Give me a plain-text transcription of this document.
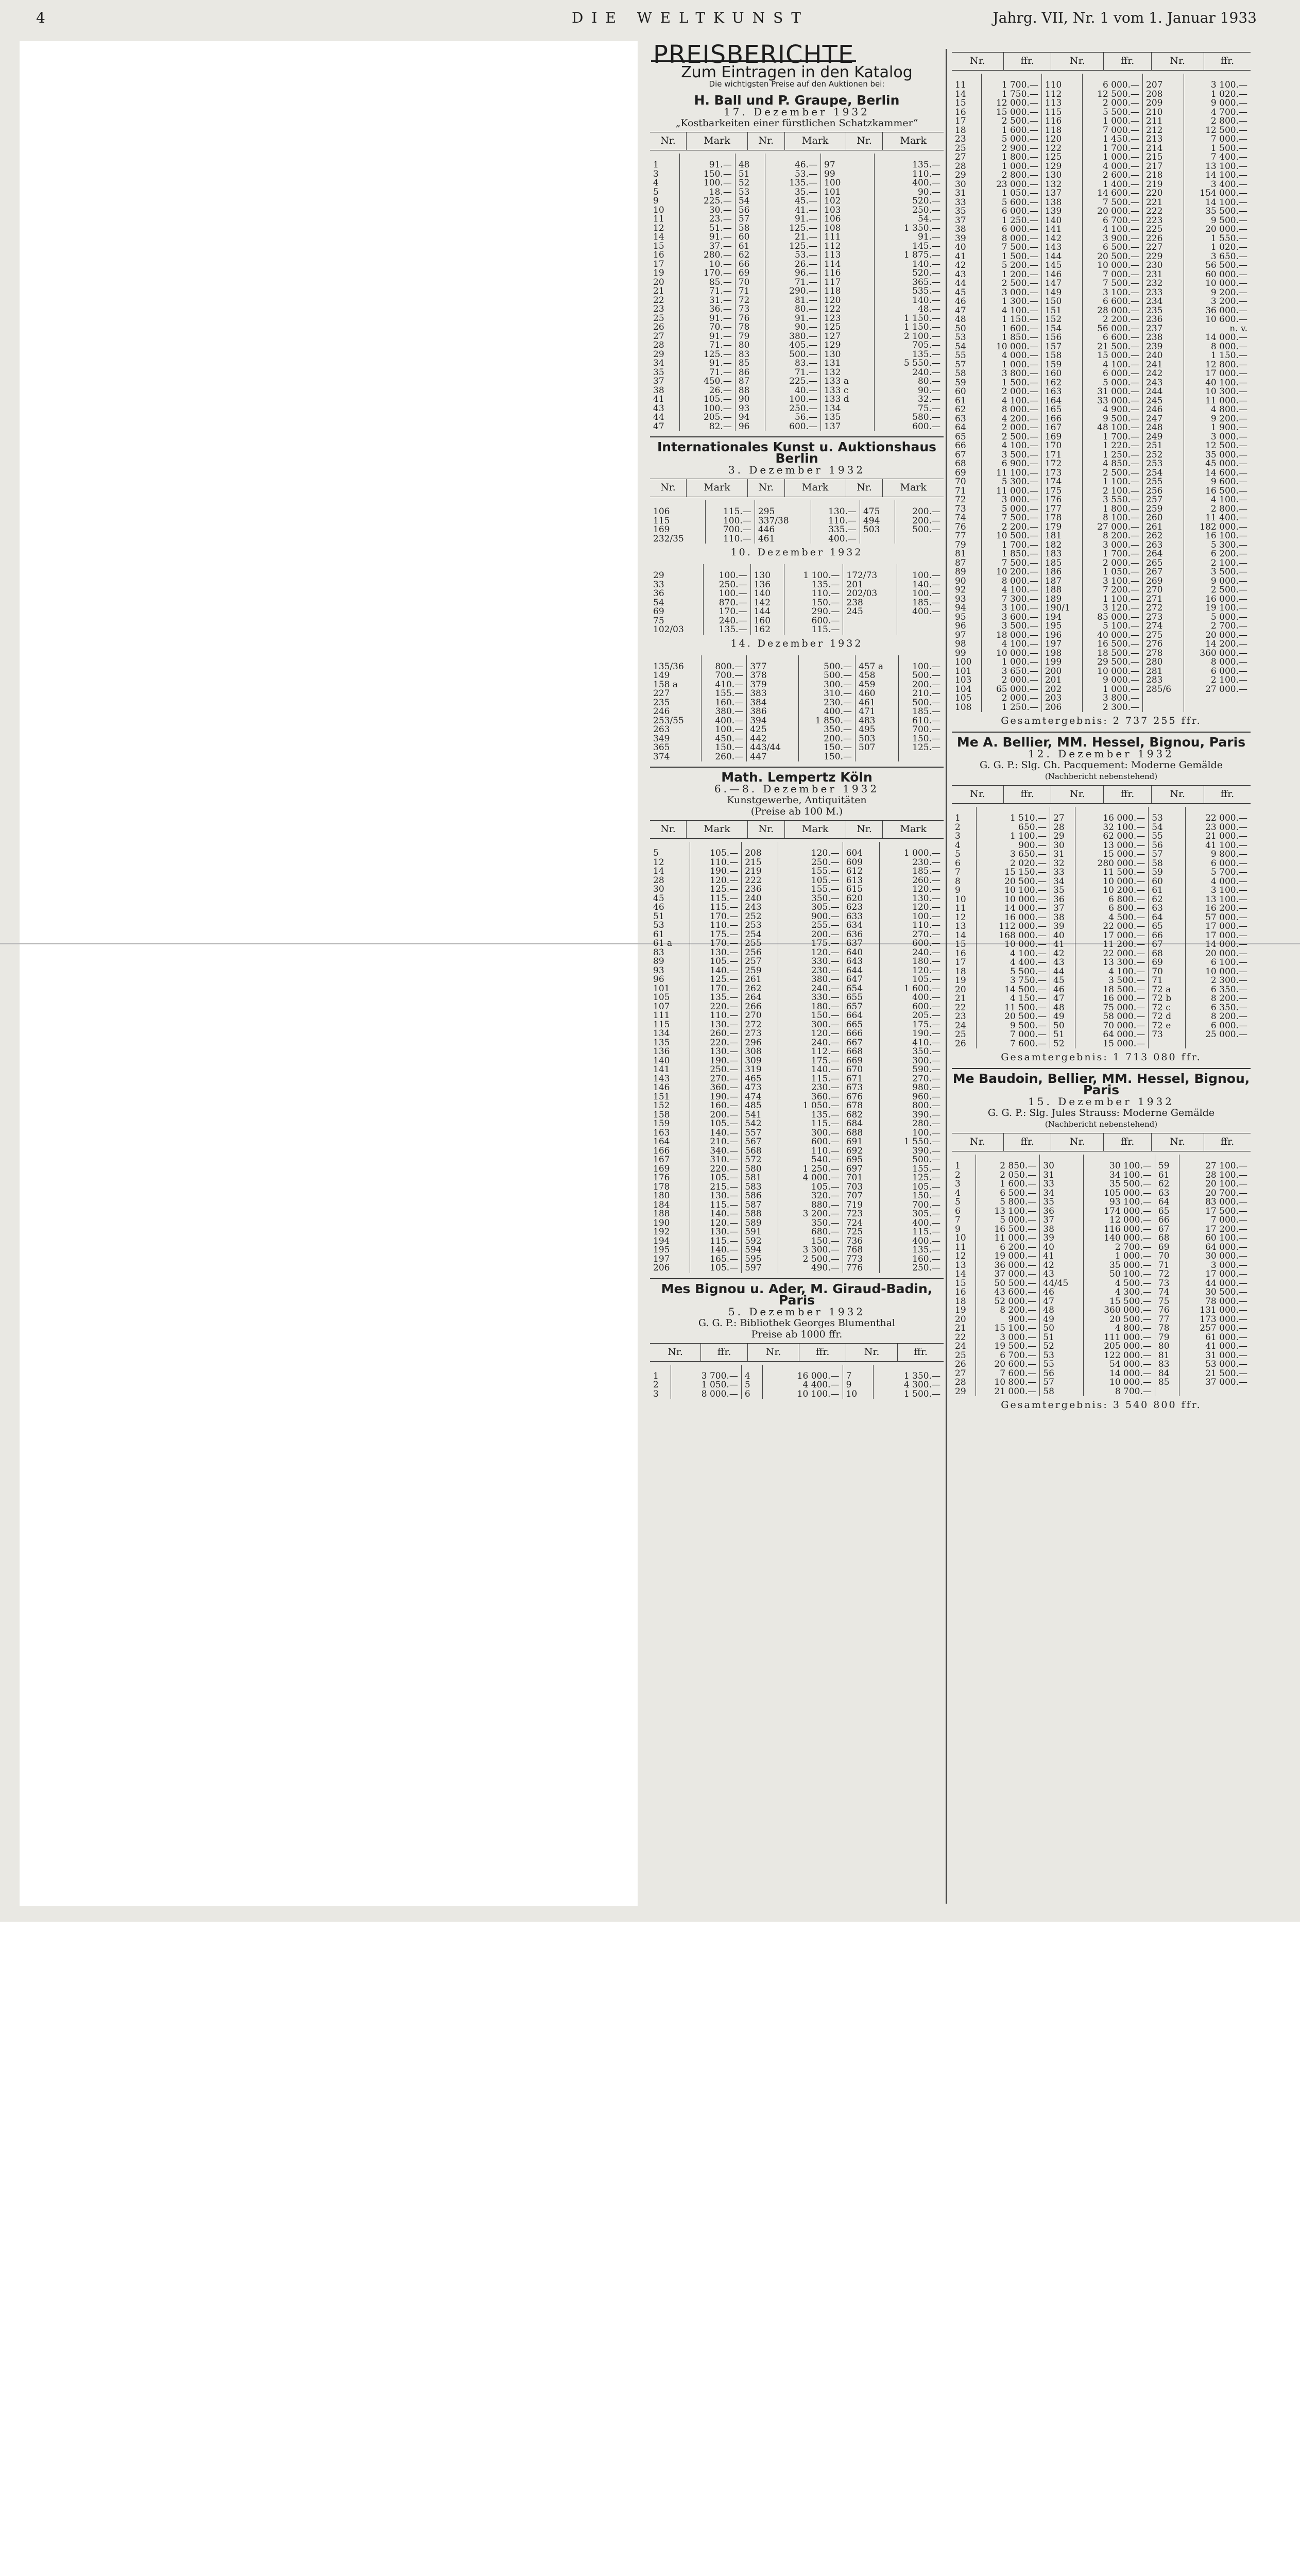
4	DIE WELTKUNST	Jahrg. VII, Nr. 1 vom 1. Januar 1933
PREISBERICHTE
Zum Eintragen in den Katalog
Die wichtigsten Preise auf den Auktionen bei:
H. Ball und P. Graupe, Berlin
17. Dezember 1932
„Kostbarkeiten einer fürstlichen Schatzkammer“
Nr.	Mark	Nr.	Mark	Nr.	Mark
1	91.—	48	46.—	97	135.—
3	150.—	51	53.—	99	110.—
4	100.—	52	135.—	100	400.—
5	18.—	53	35.—	101	90.—
9	225.—	54	45.—	102	520.—
10	30.—	56	41.—	103	250.—
11	23.—	57	91.—	106	54.—
12	51.—	58	125.—	108	1 350.—
14	91.—	60	21.—	111	91.—
15	37.—	61	125.—	112	145.—
16	280.—	62	53.—	113	1 875.—
17	10.—	66	26.—	114	140.—
19	170.—	69	96.—	116	520.—
20	85.—	70	71.—	117	365.—
21	71.—	71	290.—	118	535.—
22	31.—	72	81.—	120	140.—
23	36.—	73	80.—	122	48.—
25	91.—	76	91.—	123	1 150.—
26	70.—	78	90.—	125	1 150.—
27	91.—	79	380.—	127	2 100.—
28	71.—	80	405.—	129	705.—
29	125.—	83	500.—	130	135.—
34	91.—	85	83.—	131	5 550.—
35	71.—	86	71.—	132	240.—
37	450.—	87	225.—	133 a	80.—
38	26.—	88	40.—	133 c	90.—
41	105.—	90	100.—	133 d	32.—
43	100.—	93	250.—	134	75.—
44	205.—	94	56.—	135	580.—
47	82.—	96	600.—	137	600.—
Internationales Kunst u. Auktionshaus Berlin
3. Dezember 1932
Nr.	Mark	Nr.	Mark	Nr.	Mark
106	115.—	295	130.—	475	200.—
115	100.—	337/38	110.—	494	200.—
169	700.—	446	335.—	503	500.—
232/35	110.—	461	400.—		
10. Dezember 1932
29	100.—	130	1 100.—	172/73	100.—
33	250.—	136	135.—	201	140.—
36	100.—	140	110.—	202/03	100.—
54	870.—	142	150.—	238	185.—
69	170.—	144	290.—	245	400.—
75	240.—	160	600.—		
102/03	135.—	162	115.—		
14. Dezember 1932
135/36	800.—	377	500.—	457 a	100.—
149	700.—	378	500.—	458	500.—
158 a	410.—	379	300.—	459	200.—
227	155.—	383	310.—	460	210.—
235	160.—	384	230.—	461	500.—
246	380.—	386	400.—	471	185.—
253/55	400.—	394	1 850.—	483	610.—
263	100.—	425	350.—	495	700.—
349	450.—	442	200.—	503	150.—
365	150.—	443/44	150.—	507	125.—
374	260.—	447	150.—		
Math. Lempertz Köln
6.—8. Dezember 1932
Kunstgewerbe, Antiquitäten
(Preise ab 100 M.)
Nr.	Mark	Nr.	Mark	Nr.	Mark
5	105.—	208	120.—	604	1 000.—
12	110.—	215	250.—	609	230.—
14	190.—	219	155.—	612	185.—
28	120.—	222	105.—	613	260.—
30	125.—	236	155.—	615	120.—
45	115.—	240	350.—	620	130.—
46	115.—	243	305.—	623	120.—
51	170.—	252	900.—	633	100.—
53	110.—	253	255.—	634	110.—
61	175.—	254	200.—	636	270.—
61 a	170.—	255	175.—	637	600.—
83	130.—	256	120.—	640	240.—
89	105.—	257	330.—	643	180.—
93	140.—	259	230.—	644	120.—
96	125.—	261	380.—	647	105.—
101	170.—	262	240.—	654	1 600.—
105	135.—	264	330.—	655	400.—
107	220.—	266	180.—	657	600.—
111	110.—	270	150.—	664	205.—
115	130.—	272	300.—	665	175.—
134	260.—	273	120.—	666	190.—
135	220.—	296	240.—	667	410.—
136	130.—	308	112.—	668	350.—
140	190.—	309	175.—	669	300.—
141	250.—	319	140.—	670	590.—
143	270.—	465	115.—	671	270.—
146	360.—	473	230.—	673	980.—
151	190.—	474	360.—	676	960.—
152	160.—	485	1 050.—	678	800.—
158	200.—	541	135.—	682	390.—
159	105.—	542	115.—	684	280.—
163	140.—	557	300.—	688	100.—
164	210.—	567	600.—	691	1 550.—
166	340.—	568	110.—	692	390.—
167	310.—	572	540.—	695	500.—
169	220.—	580	1 250.—	697	155.—
176	105.—	581	4 000.—	701	125.—
178	215.—	583	105.—	703	105.—
180	130.—	586	320.—	707	150.—
184	115.—	587	880.—	719	700.—
188	140.—	588	3 200.—	723	305.—
190	120.—	589	350.—	724	400.—
192	130.—	591	680.—	725	115.—
194	115.—	592	150.—	736	400.—
195	140.—	594	3 300.—	768	135.—
197	165.—	595	2 500.—	773	160.—
206	105.—	597	490.—	776	250.—
Mes Bignou u. Ader, M. Giraud-Badin, Paris
5. Dezember 1932
G. G. P.: Bibliothek Georges Blumenthal
Preise ab 1000 ffr.
Nr.	ffr.	Nr.	ffr.	Nr.	ffr.
1	3 700.—	4	16 000.—	7	1 350.—
2	1 050.—	5	4 400.—	9	4 300.—
3	8 000.—	6	10 100.—	10	1 500.—
Nr.	ffr.	Nr.	ffr.	Nr.	ffr.
11	1 700.—	110	6 000.—	207	3 100.—
14	1 750.—	112	12 500.—	208	1 020.—
15	12 000.—	113	2 000.—	209	9 000.—
16	15 000.—	115	5 500.—	210	4 700.—
17	2 500.—	116	1 000.—	211	2 800.—
18	1 600.—	118	7 000.—	212	12 500.—
23	5 000.—	120	1 450.—	213	7 000.—
25	2 900.—	122	1 700.—	214	1 500.—
27	1 800.—	125	1 000.—	215	7 400.—
28	1 000.—	129	4 000.—	217	13 100.—
29	2 800.—	130	2 600.—	218	14 100.—
30	23 000.—	132	1 400.—	219	3 400.—
31	1 050.—	137	14 600.—	220	154 000.—
33	5 600.—	138	7 500.—	221	14 100.—
35	6 000.—	139	20 000.—	222	35 500.—
37	1 250.—	140	6 700.—	223	9 500.—
38	6 000.—	141	4 100.—	225	20 000.—
39	8 000.—	142	3 900.—	226	1 550.—
40	7 500.—	143	6 500.—	227	1 020.—
41	1 500.—	144	20 500.—	229	3 650.—
42	5 200.—	145	10 000.—	230	56 500.—
43	1 200.—	146	7 000.—	231	60 000.—
44	2 500.—	147	7 500.—	232	10 000.—
45	3 000.—	149	3 100.—	233	9 200.—
46	1 300.—	150	6 600.—	234	3 200.—
47	4 100.—	151	28 000.—	235	36 000.—
48	1 150.—	152	2 200.—	236	10 600.—
50	1 600.—	154	56 000.—	237	n. v.
53	1 850.—	156	6 600.—	238	14 000.—
54	10 000.—	157	21 500.—	239	8 000.—
55	4 000.—	158	15 000.—	240	1 150.—
57	1 000.—	159	4 100.—	241	12 800.—
58	3 800.—	160	6 000.—	242	17 000.—
59	1 500.—	162	5 000.—	243	40 100.—
60	2 000.—	163	31 000.—	244	10 300.—
61	4 100.—	164	33 000.—	245	11 000.—
62	8 000.—	165	4 900.—	246	4 800.—
63	4 200.—	166	9 500.—	247	9 200.—
64	2 000.—	167	48 100.—	248	1 900.—
65	2 500.—	169	1 700.—	249	3 000.—
66	4 100.—	170	1 220.—	251	12 500.—
67	3 500.—	171	1 250.—	252	35 000.—
68	6 900.—	172	4 850.—	253	45 000.—
69	11 100.—	173	2 500.—	254	14 600.—
70	5 300.—	174	1 100.—	255	9 600.—
71	11 000.—	175	2 100.—	256	16 500.—
72	3 000.—	176	3 550.—	257	4 100.—
73	5 000.—	177	1 800.—	259	2 800.—
74	7 500.—	178	8 100.—	260	11 400.—
76	2 200.—	179	27 000.—	261	182 000.—
77	10 500.—	181	8 200.—	262	16 100.—
79	1 700.—	182	3 000.—	263	5 300.—
81	1 850.—	183	1 700.—	264	6 200.—
87	7 500.—	185	2 000.—	265	2 100.—
89	10 200.—	186	1 050.—	267	3 500.—
90	8 000.—	187	3 100.—	269	9 000.—
92	4 100.—	188	7 200.—	270	2 500.—
93	7 300.—	189	1 100.—	271	16 000.—
94	3 100.—	190/1	3 120.—	272	19 100.—
95	3 600.—	194	85 000.—	273	5 000.—
96	3 500.—	195	5 100.—	274	2 700.—
97	18 000.—	196	40 000.—	275	20 000.—
98	4 100.—	197	16 500.—	276	14 200.—
99	10 000.—	198	18 500.—	278	360 000.—
100	1 000.—	199	29 500.—	280	8 000.—
101	3 650.—	200	10 000.—	281	6 000.—
103	2 000.—	201	9 000.—	283	2 100.—
104	65 000.—	202	1 000.—	285/6	27 000.—
105	2 000.—	203	3 800.—		
108	1 250.—	206	2 300.—		
Gesamtergebnis: 2 737 255 ffr.
Me A. Bellier, MM. Hessel, Bignou, Paris
12. Dezember 1932
G. G. P.: Slg. Ch. Pacquement: Moderne Gemälde
(Nachbericht nebenstehend)
Nr.	ffr.	Nr.	ffr.	Nr.	ffr.
1	1 510.—	27	16 000.—	53	22 000.—
2	650.—	28	32 100.—	54	23 000.—
3	1 100.—	29	62 000.—	55	21 000.—
4	900.—	30	13 000.—	56	41 100.—
5	3 650.—	31	15 000.—	57	9 800.—
6	2 020.—	32	280 000.—	58	6 000.—
7	15 150.—	33	11 500.—	59	5 700.—
8	20 500.—	34	10 000.—	60	4 000.—
9	10 100.—	35	10 200.—	61	3 100.—
10	10 000.—	36	6 800.—	62	13 100.—
11	14 000.—	37	6 800.—	63	16 200.—
12	16 000.—	38	4 500.—	64	57 000.—
13	112 000.—	39	22 000.—	65	17 000.—
14	168 000.—	40	17 000.—	66	17 000.—
15	10 000.—	41	11 200.—	67	14 000.—
16	4 100.—	42	22 000.—	68	20 000.—
17	4 400.—	43	13 300.—	69	6 100.—
18	5 500.—	44	4 100.—	70	10 000.—
19	3 750.—	45	3 500.—	71	2 300.—
20	14 500.—	46	18 500.—	72 a	6 350.—
21	4 150.—	47	16 000.—	72 b	8 200.—
22	11 500.—	48	75 000.—	72 c	6 350.—
23	20 500.—	49	58 000.—	72 d	8 200.—
24	9 500.—	50	70 000.—	72 e	6 000.—
25	7 000.—	51	64 000.—	73	25 000.—
26	7 600.—	52	15 000.—		
Gesamtergebnis: 1 713 080 ffr.
Me Baudoin, Bellier, MM. Hessel, Bignou, Paris
15. Dezember 1932
G. G. P.: Slg. Jules Strauss: Moderne Gemälde
(Nachbericht nebenstehend)
Nr.	ffr.	Nr.	ffr.	Nr.	ffr.
1	2 850.—	30	30 100.—	59	27 100.—
2	2 050.—	31	34 100.—	61	28 100.—
3	1 600.—	33	35 500.—	62	20 100.—
4	6 500.—	34	105 000.—	63	20 700.—
5	5 800.—	35	93 100.—	64	83 000.—
6	13 100.—	36	174 000.—	65	17 500.—
7	5 000.—	37	12 000.—	66	7 000.—
9	16 500.—	38	116 000.—	67	17 200.—
10	11 000.—	39	140 000.—	68	60 100.—
11	6 200.—	40	2 700.—	69	64 000.—
12	19 000.—	41	1 000.—	70	30 000.—
13	36 000.—	42	35 000.—	71	3 000.—
14	37 000.—	43	50 100.—	72	17 000.—
15	50 500.—	44/45	4 500.—	73	44 000.—
16	43 600.—	46	4 300.—	74	30 500.—
18	52 000.—	47	15 500.—	75	78 000.—
19	8 200.—	48	360 000.—	76	131 000.—
20	900.—	49	20 500.—	77	173 000.—
21	15 100.—	50	4 800.—	78	257 000.—
22	3 000.—	51	111 000.—	79	61 000.—
24	19 500.—	52	205 000.—	80	41 000.—
25	6 700.—	53	122 000.—	81	31 000.—
26	20 600.—	55	54 000.—	83	53 000.—
27	7 600.—	56	14 000.—	84	21 500.—
28	10 800.—	57	10 000.—	85	37 000.—
29	21 000.—	58	8 700.—		
Gesamtergebnis: 3 540 800 ffr.
